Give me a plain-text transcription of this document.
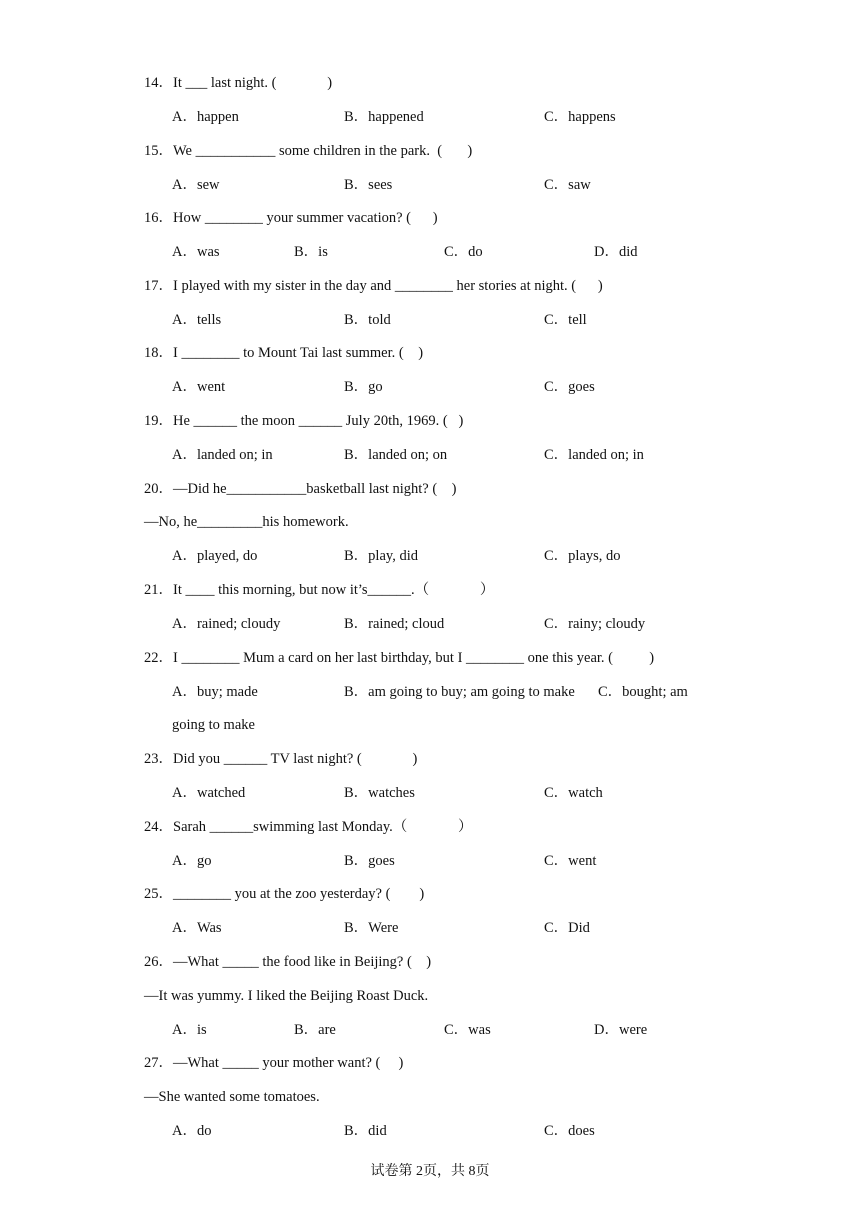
14．It ___ last night. (              )
A．happen	B．happened	C．happens
15．We ___________ some children in the park.  (       )
A．sew	B．sees	C．saw
16．How ________ your summer vacation? (      )
A．was	B．is	C．do	D．did
17．I played with my sister in the day and ________ her stories at night. (      )
A．tells	B．told	C．tell
18．I ________ to Mount Tai last summer. (    )
A．went	B．go	C．goes
19．He ______ the moon ______ July 20th, 1969. (   )
A．landed on; in	B．landed on; on	C．landed on; in
20．—Did he___________basketball last night? (    )
—No, he_________his homework.
A．played, do	B．play, did	C．plays, do
21．It ____ this morning, but now it’s______.（              ）
A．rained; cloudy	B．rained; cloud	C．rainy; cloudy
22．I ________ Mum a card on her last birthday, but I ________ one this year. (          )
A．buy; made	B．am going to buy; am going to make C．bought; am
going to make
23．Did you ______ TV last night? (              )
A．watched	B．watches	C．watch
24．Sarah ______swimming last Monday.（              ）
A．go	B．goes	C．went
25．________ you at the zoo yesterday? (        )
A．Was	B．Were	C．Did
26．—What _____ the food like in Beijing? (    )
—It was yummy. I liked the Beijing Roast Duck.
A．is	B．are	C．was	D．were
27．—What _____ your mother want? (     )
—She wanted some tomatoes.
A．do	B．did	C．does
试卷第 2页，共 8页
